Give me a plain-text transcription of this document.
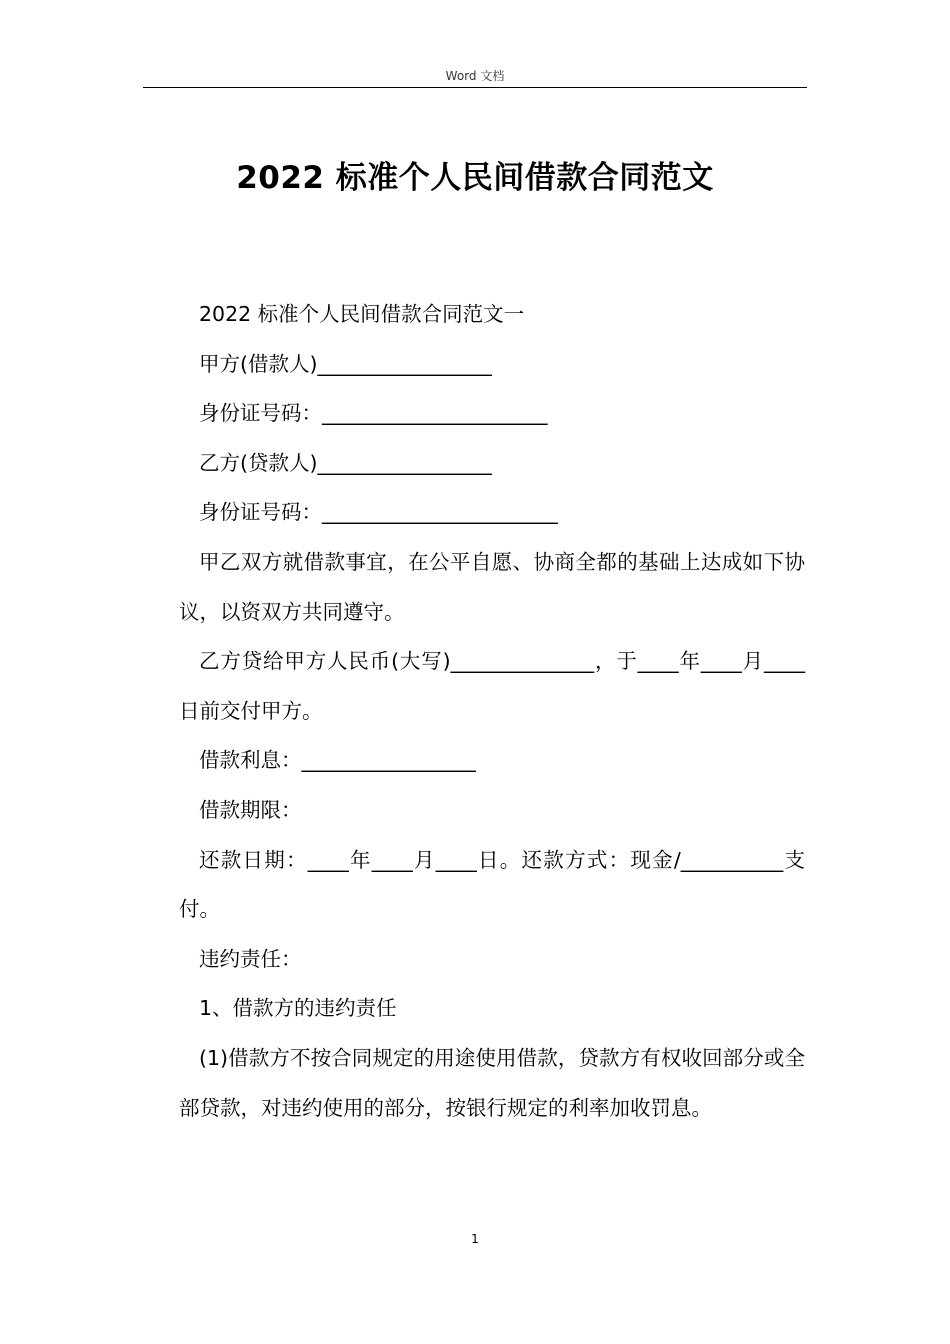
Word 文档
2022 标准个人民间借款合同范文

2022 标准个人民间借款合同范文一

甲方(借款人)_________________

身份证号码：______________________

乙方(贷款人)_________________

身份证号码：_______________________

甲乙双方就借款事宜，在公平自愿、协商全都的基础上达成如下协议，以资双方共同遵守。

乙方贷给甲方人民币(大写)______________，于____年____月____日前交付甲方。

借款利息：_________________

借款期限：

还款日期：____年____月____日。还款方式：现金/__________支付。

违约责任：

1、借款方的违约责任

(1)借款方不按合同规定的用途使用借款，贷款方有权收回部分或全部贷款，对违约使用的部分，按银行规定的利率加收罚息。

1
